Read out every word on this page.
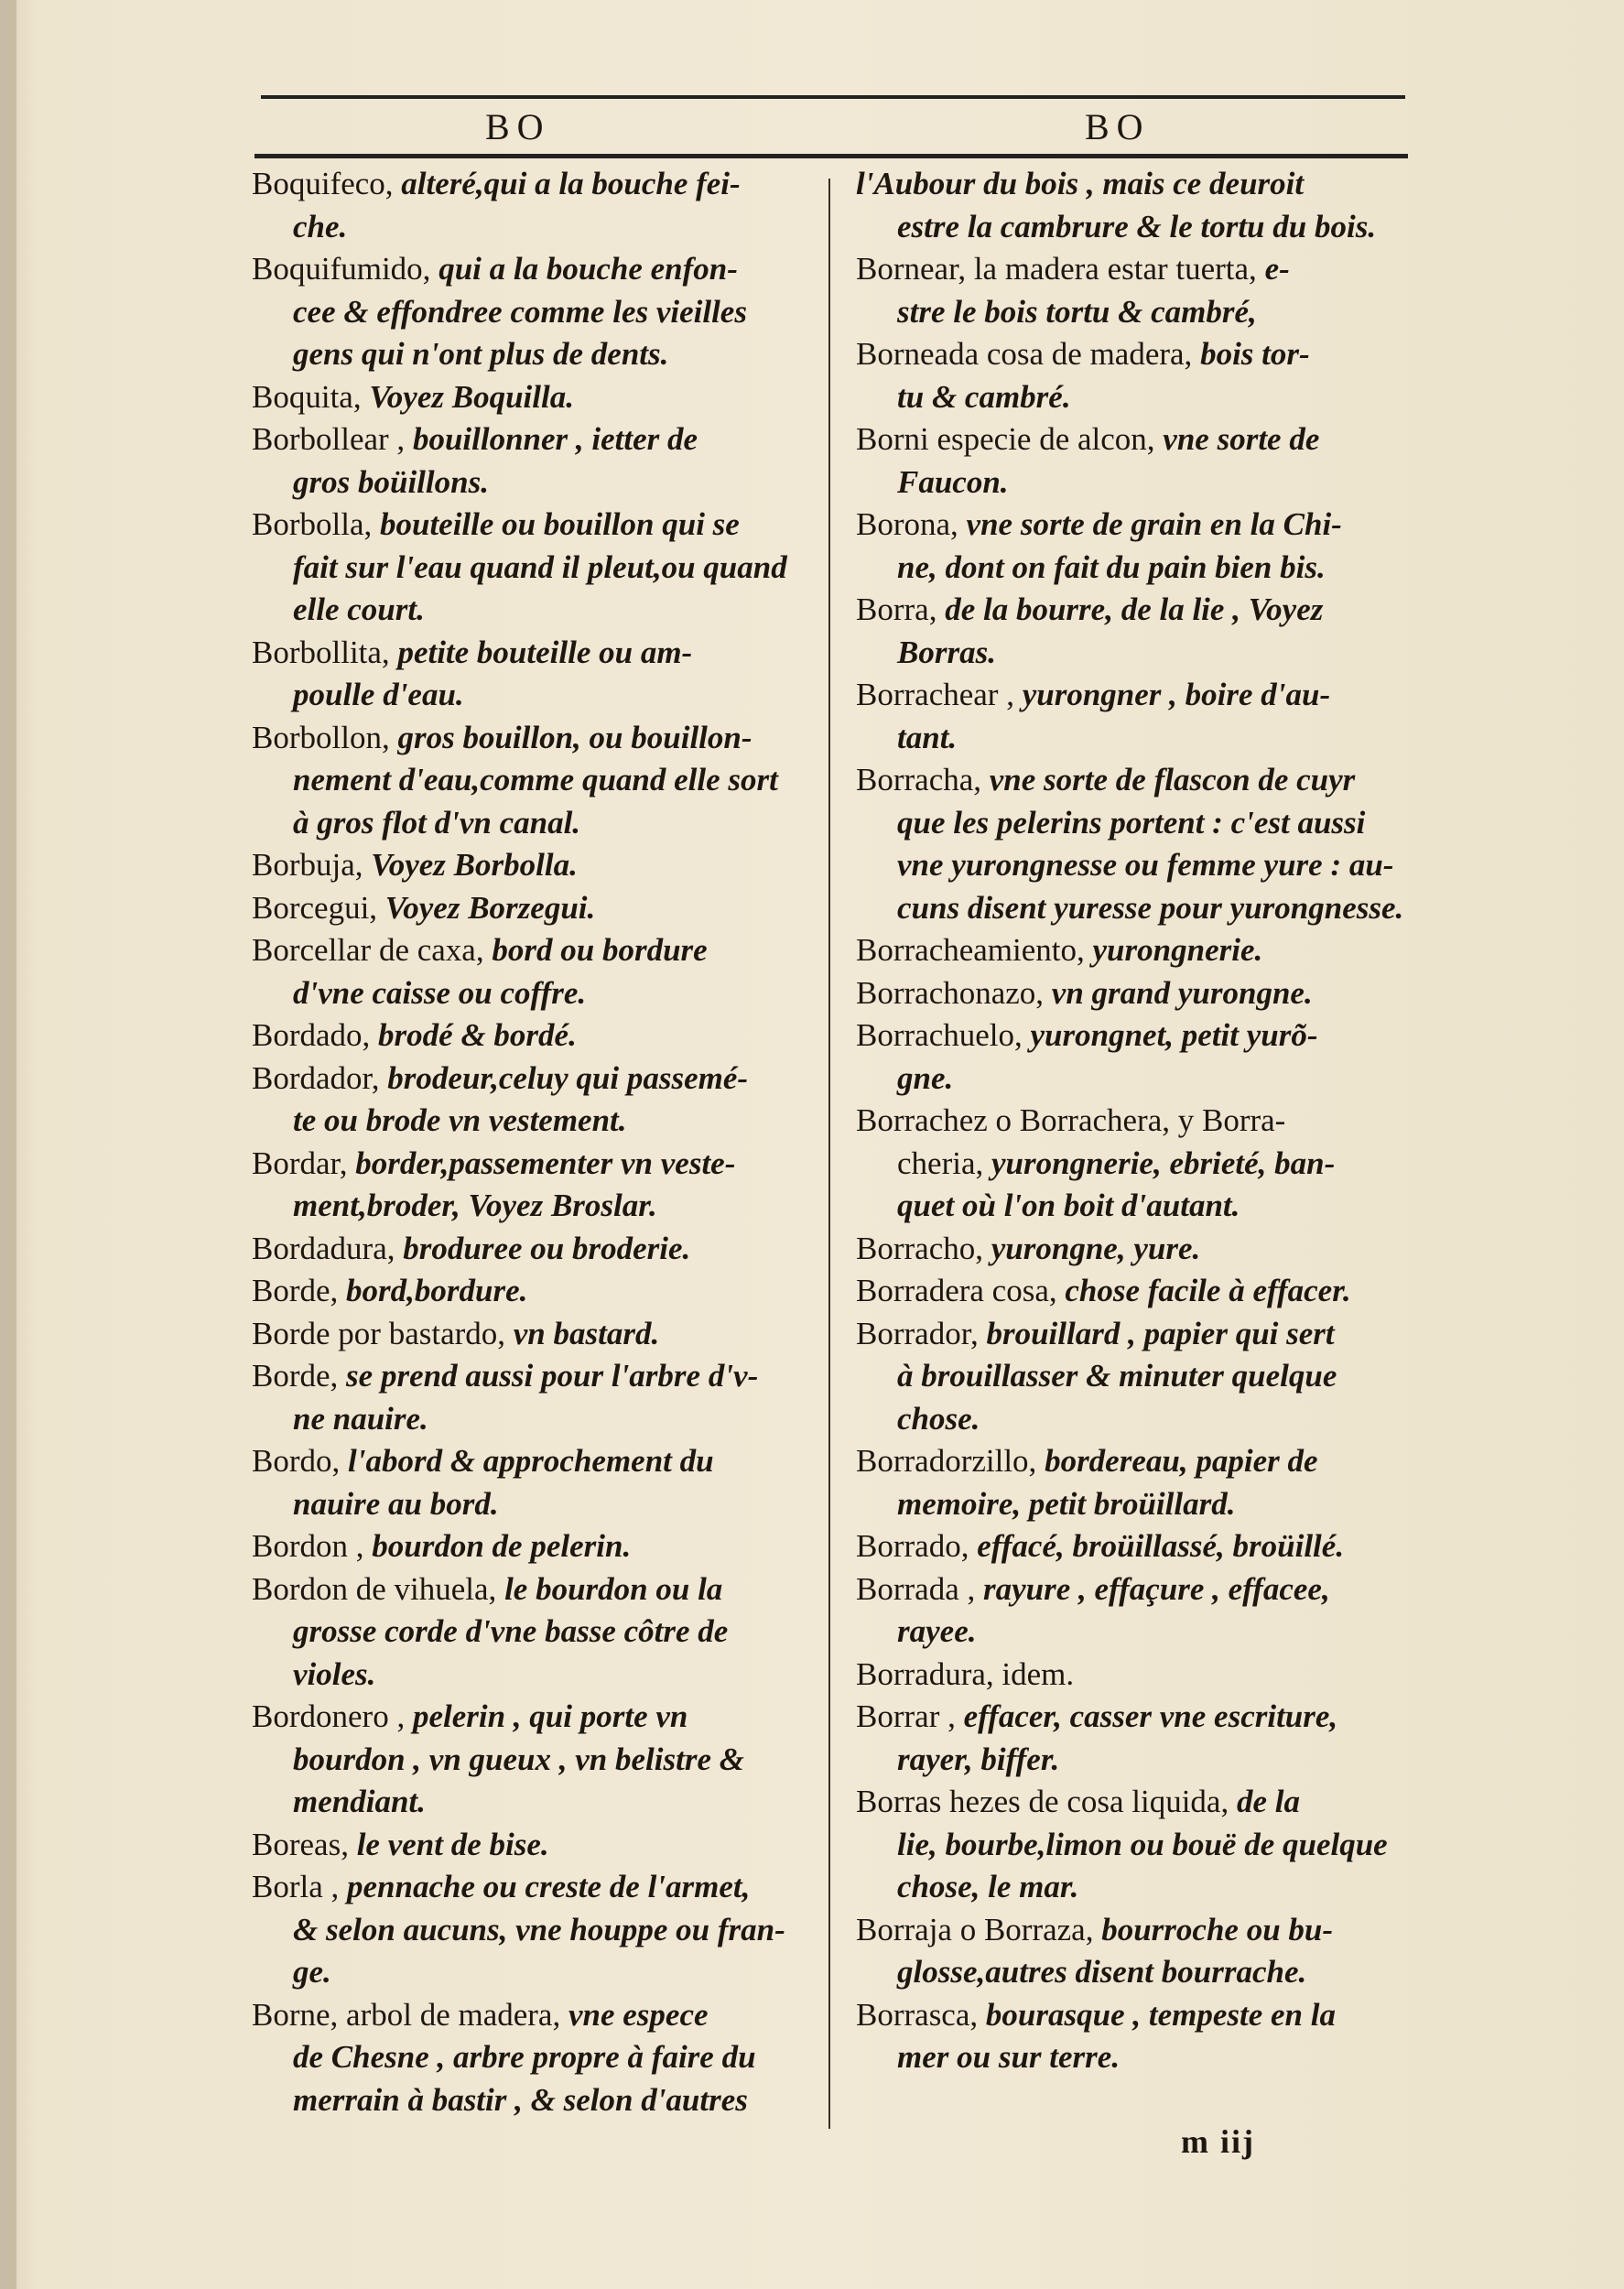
BO	BO
Boquifeco, alteré,qui a la bouche fei-
che.
Boquifumido, qui a la bouche enfon-
cee & effondree comme les vieilles
gens qui n'ont plus de dents.
Boquita, Voyez Boquilla.
Borbollear , bouillonner , ietter de
gros boüillons.
Borbolla, bouteille ou bouillon qui se
fait sur l'eau quand il pleut,ou quand
elle court.
Borbollita, petite bouteille ou am-
poulle d'eau.
Borbollon, gros bouillon, ou bouillon-
nement d'eau,comme quand elle sort
à gros flot d'vn canal.
Borbuja, Voyez Borbolla.
Borcegui, Voyez Borzegui.
Borcellar de caxa, bord ou bordure
d'vne caisse ou coffre.
Bordado, brodé & bordé.
Bordador, brodeur,celuy qui passemé-
te ou brode vn vestement.
Bordar, border,passementer vn veste-
ment,broder, Voyez Broslar.
Bordadura, broduree ou broderie.
Borde, bord,bordure.
Borde por bastardo, vn bastard.
Borde, se prend aussi pour l'arbre d'v-
ne nauire.
Bordo, l'abord & approchement du
nauire au bord.
Bordon , bourdon de pelerin.
Bordon de vihuela, le bourdon ou la
grosse corde d'vne basse côtre de violes.
Bordonero , pelerin , qui porte vn
bourdon , vn gueux , vn belistre &
mendiant.
Boreas, le vent de bise.
Borla , pennache ou creste de l'armet,
& selon aucuns, vne houppe ou fran-
ge.
Borne, arbol de madera, vne espece
de Chesne , arbre propre à faire du
merrain à bastir , & selon d'autres
l'Aubour du bois , mais ce deuroit
estre la cambrure & le tortu du bois.
Bornear, la madera estar tuerta, e-
stre le bois tortu & cambré,
Borneada cosa de madera, bois tor-
tu & cambré.
Borni especie de alcon, vne sorte de
Faucon.
Borona, vne sorte de grain en la Chi-
ne, dont on fait du pain bien bis.
Borra, de la bourre, de la lie , Voyez
Borras.
Borrachear , yurongner , boire d'au-
tant.
Borracha, vne sorte de flascon de cuyr
que les pelerins portent : c'est aussi
vne yurongnesse ou femme yure : au-
cuns disent yuresse pour yurongnesse.
Borracheamiento, yurongnerie.
Borrachonazo, vn grand yurongne.
Borrachuelo, yurongnet, petit yurõ-
gne.
Borrachez o Borrachera, y Borra-
cheria, yurongnerie, ebrieté, ban-
quet où l'on boit d'autant.
Borracho, yurongne, yure.
Borradera cosa, chose facile à effacer.
Borrador, brouillard , papier qui sert
à brouillasser & minuter quelque
chose.
Borradorzillo, bordereau, papier de
memoire, petit broüillard.
Borrado, effacé, broüillassé, broüillé.
Borrada , rayure , effaçure , effacee,
rayee.
Borradura, idem.
Borrar , effacer, casser vne escriture,
rayer, biffer.
Borras hezes de cosa liquida, de la
lie, bourbe,limon ou bouë de quelque
chose, le mar.
Borraja o Borraza, bourroche ou bu-
glosse,autres disent bourrache.
Borrasca, bourasque , tempeste en la
mer ou sur terre.
m iij
